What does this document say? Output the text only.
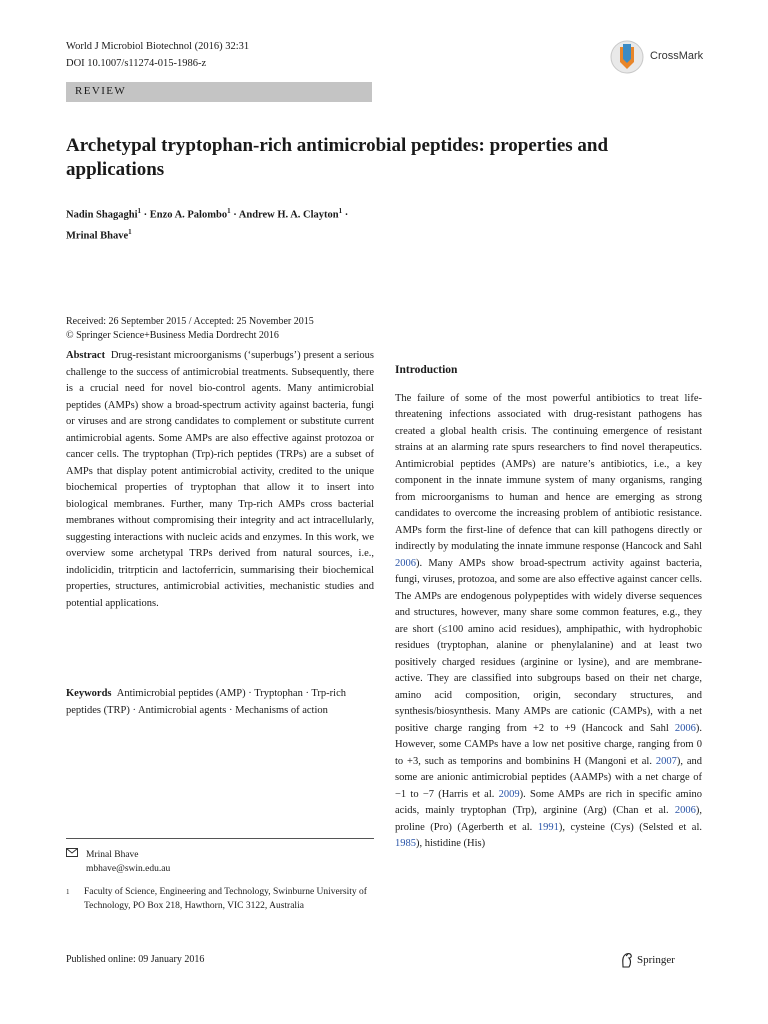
World J Microbiol Biotechnol (2016) 32:31
DOI 10.1007/s11274-015-1986-z
CrossMark
REVIEW
Archetypal tryptophan-rich antimicrobial peptides: properties and applications
Nadin Shagaghi$^1$ · Enzo A. Palombo$^1$ · Andrew H. A. Clayton$^1$ ·
Mrinal Bhave$^1$
Received: 26 September 2015 / Accepted: 25 November 2015
© Springer Science+Business Media Dordrecht 2016
Abstract Drug-resistant microorganisms (‘superbugs’) present a serious challenge to the success of antimicrobial treatments. Subsequently, there is a crucial need for novel bio-control agents. Many antimicrobial peptides (AMPs) show a broad-spectrum activity against bacteria, fungi or viruses and are strong candidates to complement or substitute current antimicrobial agents. Some AMPs are also effective against protozoa or cancer cells. The tryptophan (Trp)-rich peptides (TRPs) are a subset of AMPs that display potent antimicrobial activity, credited to the unique biochemical properties of tryptophan that allow it to insert into biological membranes. Further, many Trp-rich AMPs cross bacterial membranes without compromising their integrity and act intracellularly, suggesting interactions with nucleic acids and enzymes. In this work, we overview some archetypal TRPs derived from natural sources, i.e., indolicidin, tritrpticin and lactoferricin, summarising their biochemical properties, structures, antimicrobial activities, mechanistic studies and potential applications.
Keywords Antimicrobial peptides (AMP) · Tryptophan · Trp-rich peptides (TRP) · Antimicrobial agents · Mechanisms of action
Mrinal Bhave
mbhave@swin.edu.au
1	Faculty of Science, Engineering and Technology, Swinburne University of Technology, PO Box 218, Hawthorn, VIC 3122, Australia
Published online: 09 January 2016	Springer
Introduction
The failure of some of the most powerful antibiotics to treat life-threatening infections associated with drug-resistant pathogens has created a global health crisis. The continuing emergence of resistant strains at an alarming rate spurs researchers to find novel therapeutics. Antimicrobial peptides (AMPs) are nature’s antibiotics, i.e., a key component in the innate immune system of many organisms, ranging from microorganisms to human and hence are emerging as strong candidates to overcome the increasing problem of antibiotic resistance. AMPs form the first-line of defence that can kill pathogens directly or indirectly by modulating the innate immune response (Hancock and Sahl 2006). Many AMPs show broad-spectrum activity against bacteria, fungi, viruses, protozoa, and some are also effective against cancer cells. The AMPs are endogenous polypeptides with widely diverse sequences and structures, however, many share some common features, e.g., they are short (≤100 amino acid residues), amphipathic, with hydrophobic residues (tryptophan, alanine or phenylalanine) and at least two positively charged residues (arginine or lysine), and are membrane-active. They are classified into subgroups based on their net charge, amino acid composition, origin, secondary structures, and synthesis/biosynthesis. Many AMPs are cationic (CAMPs), with a net positive charge ranging from +2 to +9 (Hancock and Sahl 2006). However, some CAMPs have a low net positive charge, ranging from 0 to +3, such as temporins and bombinins H (Mangoni et al. 2007), and some are anionic antimicrobial peptides (AAMPs) with a net charge of −1 to −7 (Harris et al. 2009). Some AMPs are rich in specific amino acids, mainly tryptophan (Trp), arginine (Arg) (Chan et al. 2006), proline (Pro) (Agerberth et al. 1991), cysteine (Cys) (Selsted et al. 1985), histidine (His)
